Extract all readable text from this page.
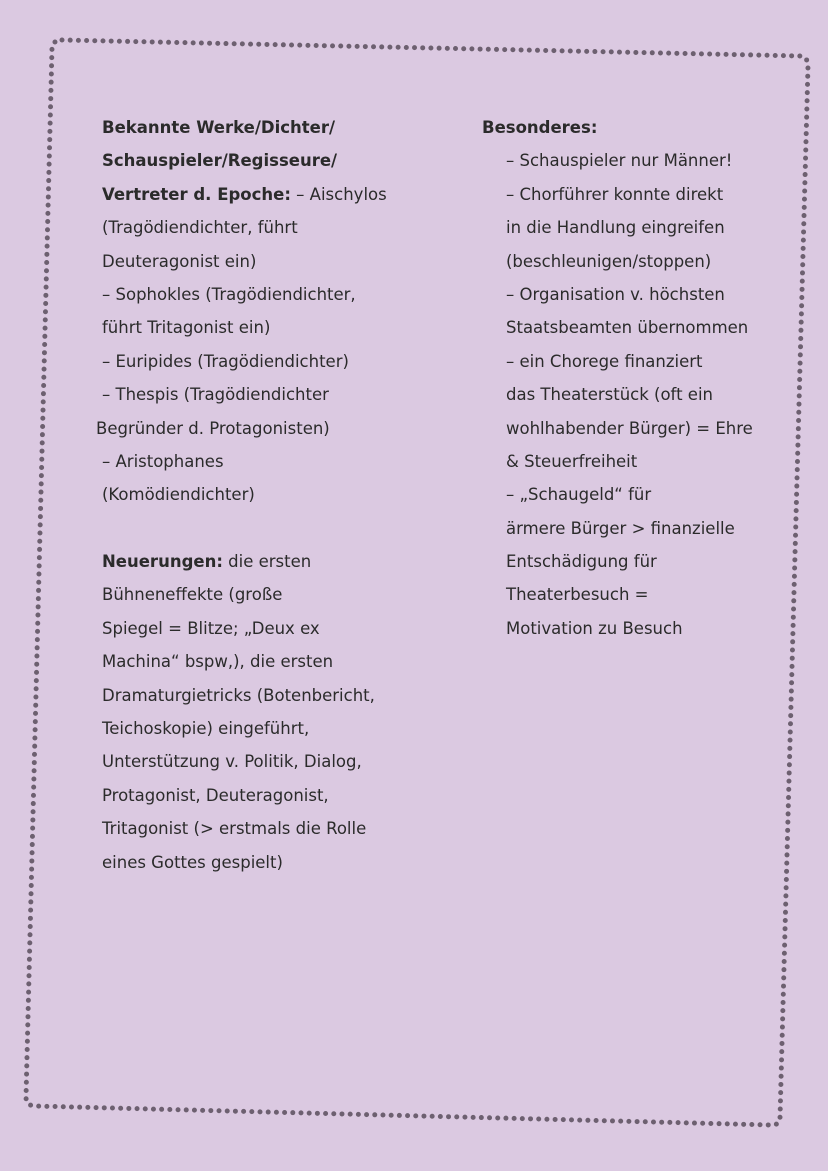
Bekannte Werke/Dichter/
Schauspieler/Regisseure/
Vertreter d. Epoche: – Aischylos
(Tragödiendichter, führt
Deuteragonist ein)
– Sophokles (Tragödiendichter,
führt Tritagonist ein)
– Euripides (Tragödiendichter)
– Thespis (Tragödiendichter
Begründer d. Protagonisten)
– Aristophanes
(Komödiendichter)
Neuerungen: die ersten
Bühneneffekte (große
Spiegel = Blitze; „Deux ex
Machina“ bspw,), die ersten
Dramaturgietricks (Botenbericht,
Teichoskopie) eingeführt,
Unterstützung v. Politik, Dialog,
Protagonist, Deuteragonist,
Tritagonist (> erstmals die Rolle
eines Gottes gespielt)
Besonderes:
– Schauspieler nur Männer!
– Chorführer konnte direkt
in die Handlung eingreifen
(beschleunigen/stoppen)
– Organisation v. höchsten
Staatsbeamten übernommen
– ein Chorege finanziert
das Theaterstück (oft ein
wohlhabender Bürger) = Ehre
& Steuerfreiheit
– „Schaugeld“ für
ärmere Bürger > finanzielle
Entschädigung für
Theaterbesuch =
Motivation zu Besuch
